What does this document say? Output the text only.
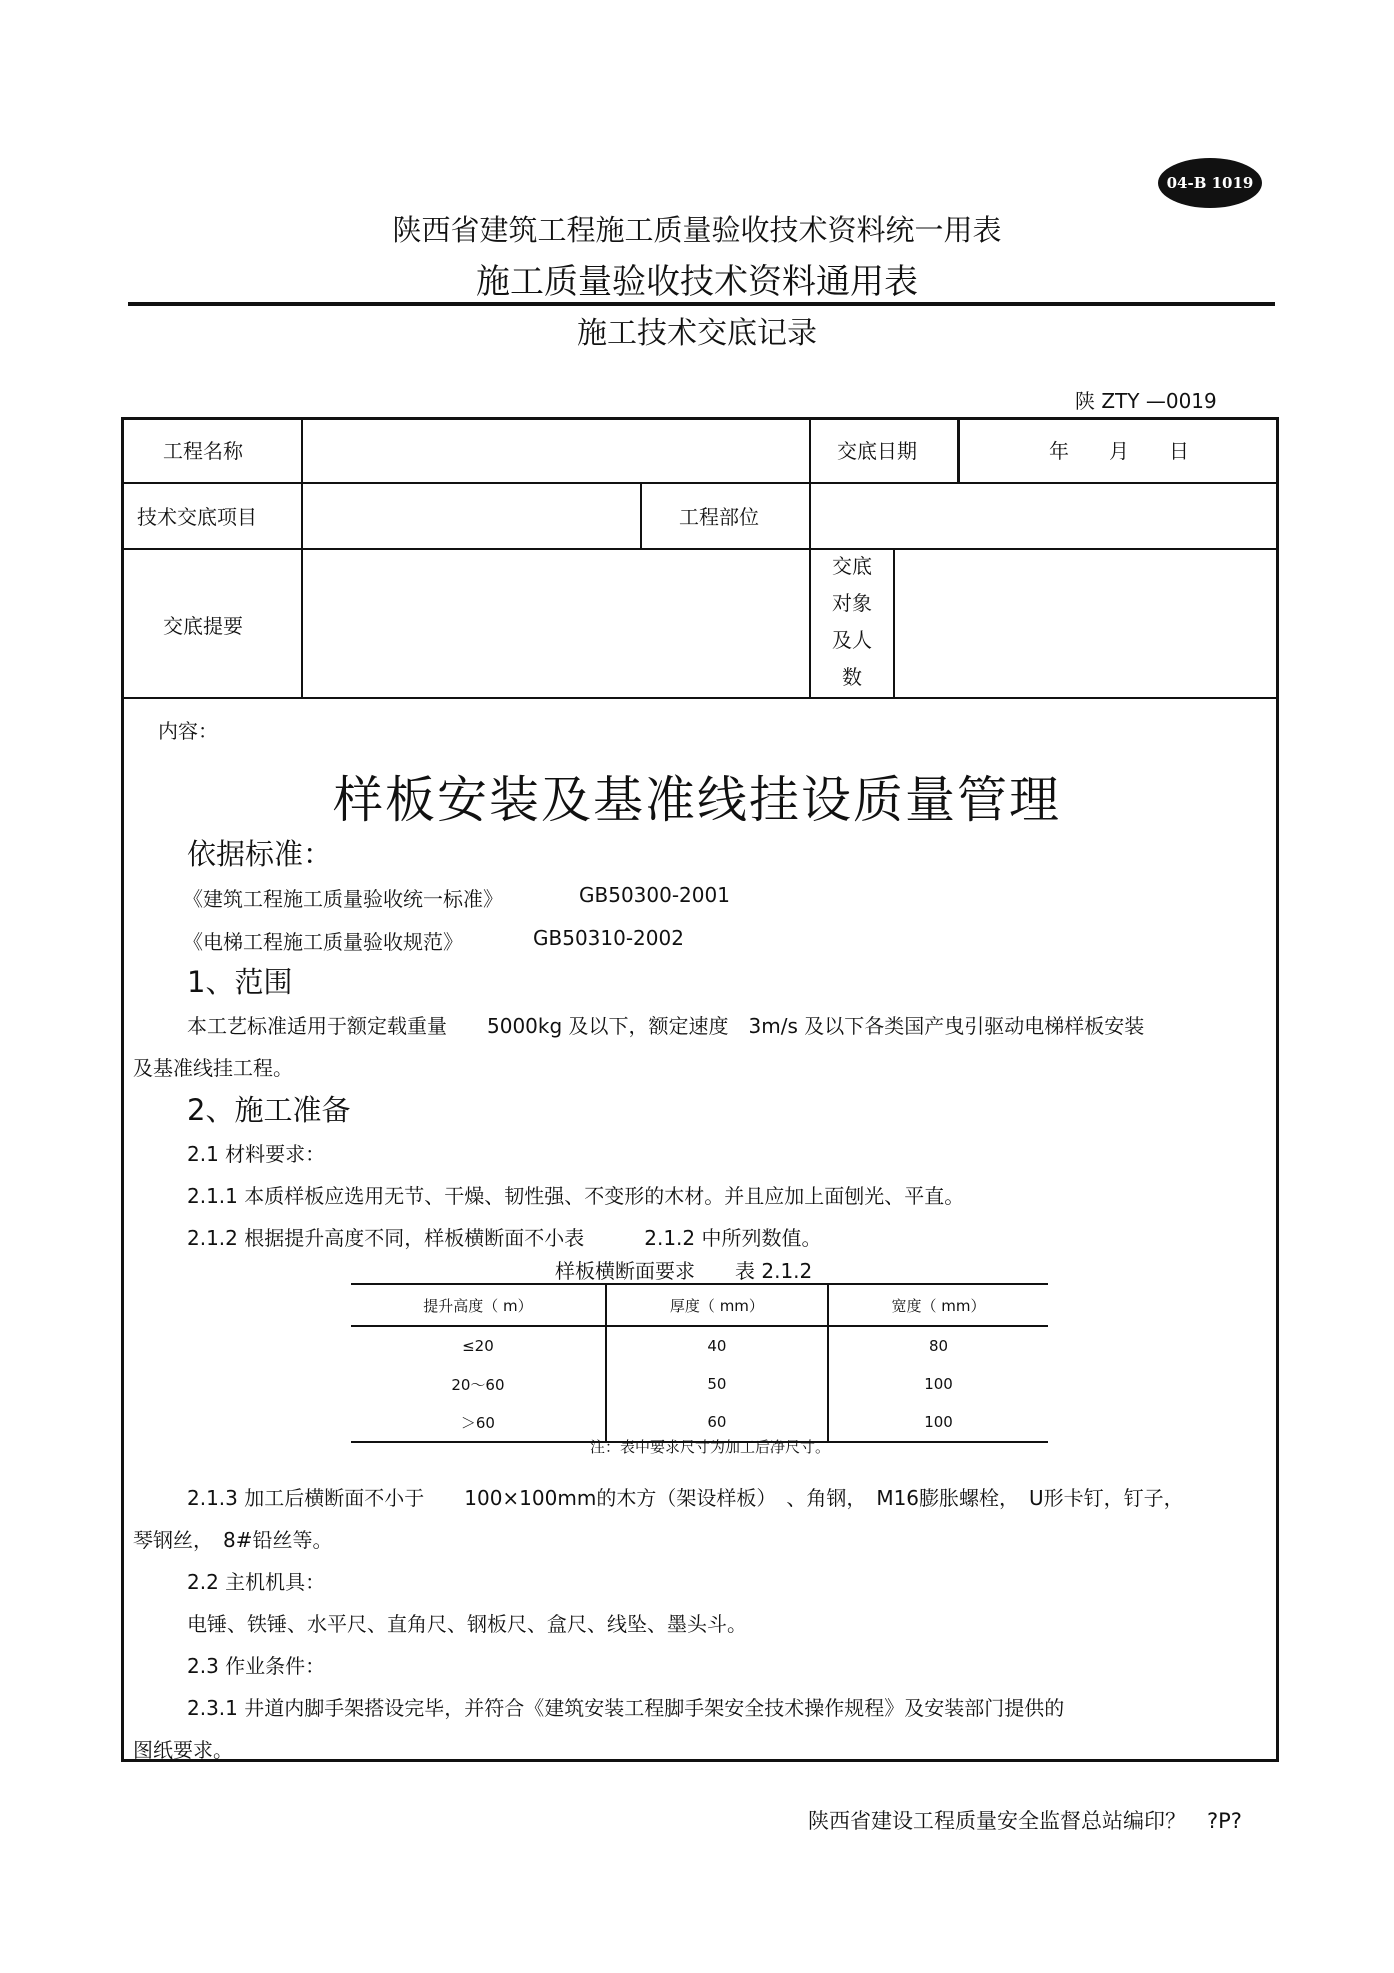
04-B 1019
陕西省建筑工程施工质量验收技术资料统一用表
施工质量验收技术资料通用表
施工技术交底记录
陕 ZTY —0019
工程名称	交底日期	年　　月　　日
技术交底项目	工程部位
交底提要
交底
对象
及人
数
内容：
样板安装及基准线挂设质量管理
依据标准：
《建筑工程施工质量验收统一标准》	GB50300-2001
《电梯工程施工质量验收规范》	GB50310-2002
1、范围
本工艺标准适用于额定载重量　　5000kg 及以下，额定速度　3m/s 及以下各类国产曳引驱动电梯样板安装
及基准线挂工程。
2、施工准备
2.1 材料要求：
2.1.1 本质样板应选用无节、干燥、韧性强、不变形的木材。并且应加上面刨光、平直。
2.1.2 根据提升高度不同，样板横断面不小表　　　2.1.2 中所列数值。
样板横断面要求　　表 2.1.2
提升高度（ m）	厚度（ mm）	宽度（ mm）
≤20	40	80
20～60	50	100
＞60	60	100
注：表中要求尺寸为加工后净尺寸。
2.1.3 加工后横断面不小于　　100×100mm的木方（架设样板）　、角钢，　M16膨胀螺栓，　U形卡钉，钉子，
琴钢丝，　8#铅丝等。
2.2 主机机具：
电锤、铁锤、水平尺、直角尺、钢板尺、盒尺、线坠、墨头斗。
2.3 作业条件：
2.3.1 井道内脚手架搭设完毕，并符合《建筑安装工程脚手架安全技术操作规程》及安装部门提供的
图纸要求。
陕西省建设工程质量安全监督总站编印？　?P?
